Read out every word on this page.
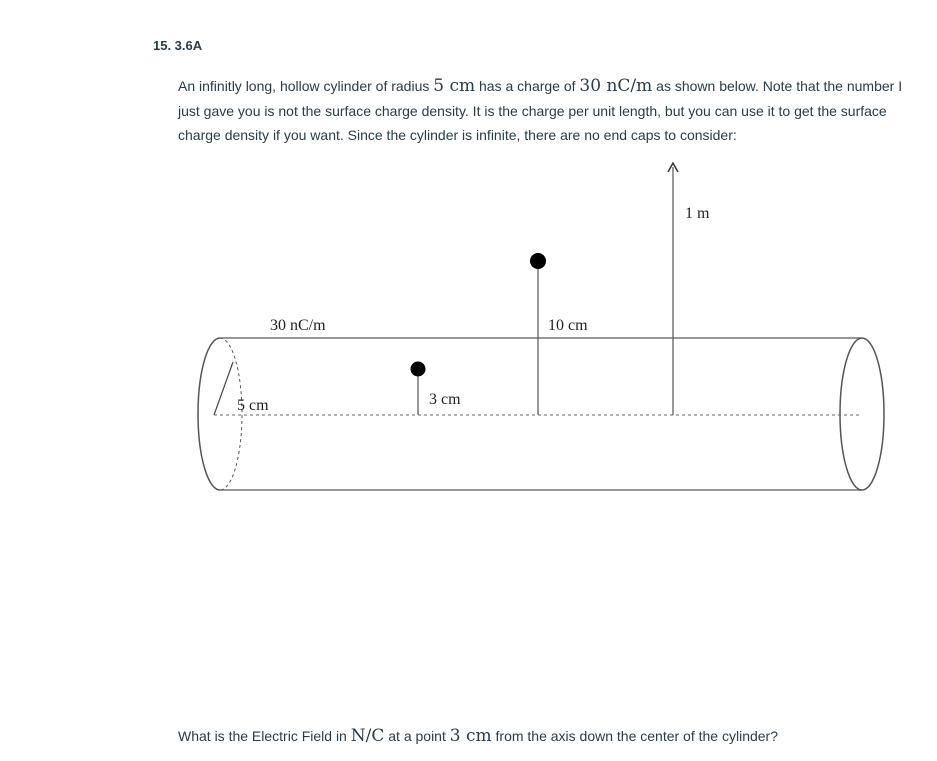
15. 3.6A
An infinitly long, hollow cylinder of radius 5 cm has a charge of 30 nC/m as shown below. Note that the number I just gave you is not the surface charge density. It is the charge per unit length, but you can use it to get the surface charge density if you want. Since the cylinder is infinite, there are no end caps to consider:
30 nC/m
5 cm	3 cm
10 cm
1 m
What is the Electric Field in N/C at a point 3 cm from the axis down the center of the cylinder?
